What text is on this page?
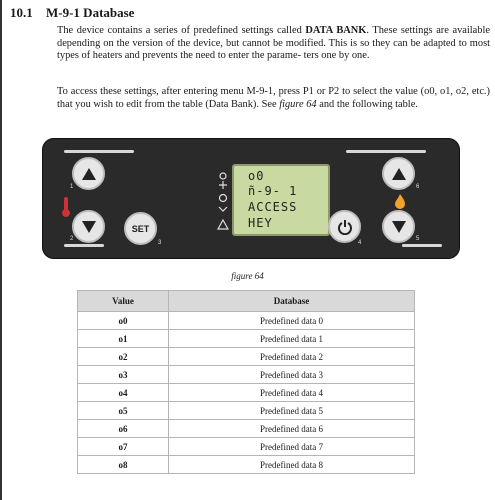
10.1 M-9-1 Database
The device contains a series of predefined settings called DATA BANK. These settings are available depending on the version of the device, but cannot be modified. This is so they can be adapted to most types of heaters and prevents the need to enter the parame- ters one by one.
To access these settings, after entering menu M-9-1, press P1 or P2 to select the value (o0, o1, o2, etc.) that you wish to edit from the table (Data Bank). See figure 64 and the following table.
1
2
SET
3
o0
ñ-9- 1
ACCESS
HEY
4
5
6
figure 64
Value	Database
o0	Predefined data 0
o1	Predefined data 1
o2	Predefined data 2
o3	Predefined data 3
o4	Predefined data 4
o5	Predefined data 5
o6	Predefined data 6
o7	Predefined data 7
o8	Predefined data 8
